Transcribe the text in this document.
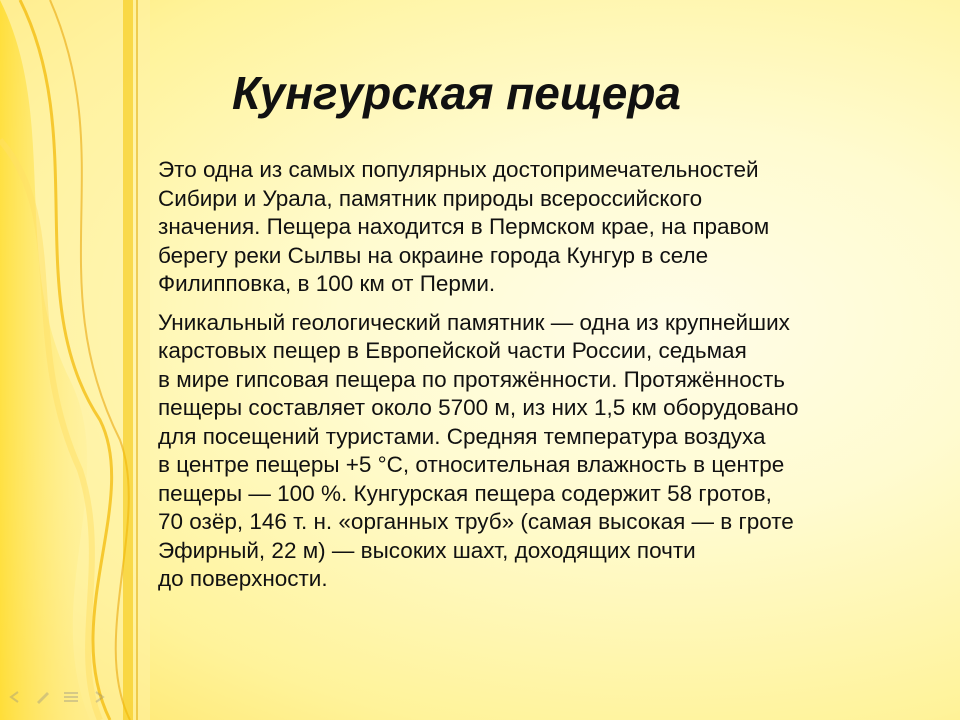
Кунгурская пещера
Это одна из самых популярных достопримечательностей
Сибири и Урала, памятник природы всероссийского
значения. Пещера находится в Пермском крае, на правом
берегу реки Сылвы на окраине города Кунгур в селе
Филипповка, в 100 км от Перми.
Уникальный геологический памятник — одна из крупнейших
карстовых пещер в Европейской части России, седьмая
в мире гипсовая пещера по протяжённости. Протяжённость
пещеры составляет около 5700 м, из них 1,5 км оборудовано
для посещений туристами. Средняя температура воздуха
в центре пещеры +5 °C, относительная влажность в центре
пещеры — 100 %. Кунгурская пещера содержит 58 гротов,
70 озёр, 146 т. н. «органных труб» (самая высокая — в гроте
Эфирный, 22 м) — высоких шахт, доходящих почти
до поверхности.
